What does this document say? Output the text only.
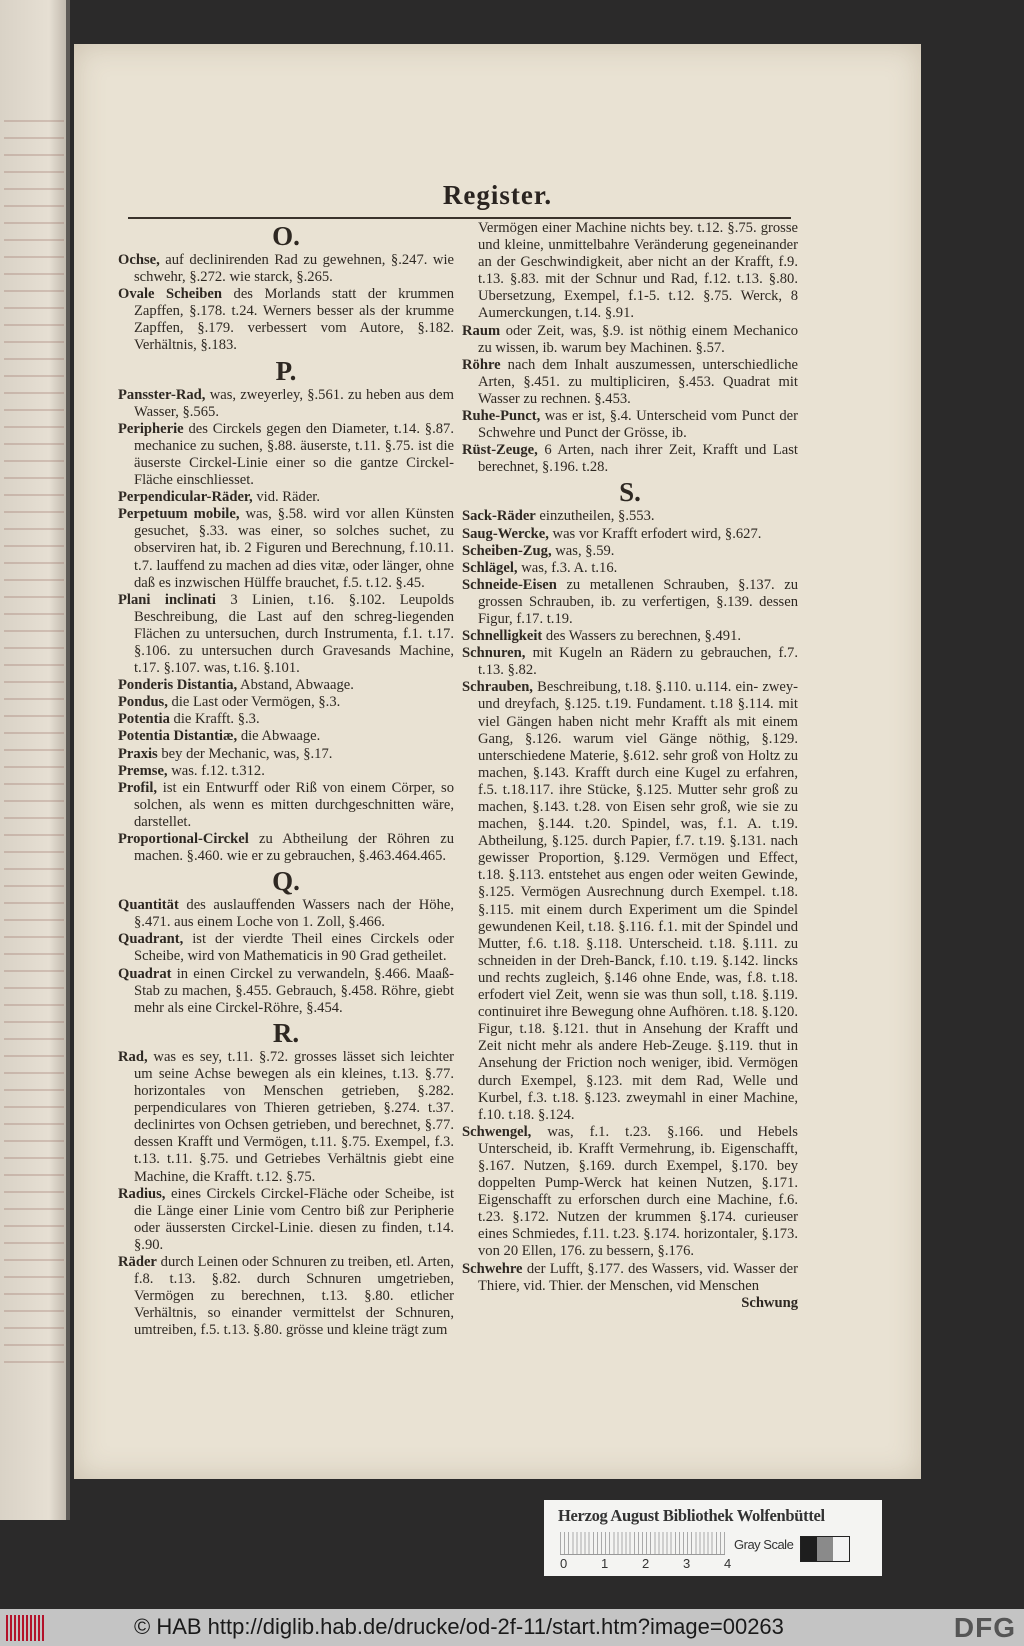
Register.
O.
Ochse, auf declinirenden Rad zu gewehnen, §.247. wie schwehr, §.272. wie starck, §.265.
Ovale Scheiben des Morlands statt der krummen Zapffen, §.178. t.24. Werners besser als der krumme Zapffen, §.179. verbessert vom Autore, §.182. Verhältnis, §.183.
P.
Pansster-Rad, was, zweyerley, §.561. zu heben aus dem Wasser, §.565.
Peripherie des Circkels gegen den Diameter, t.14. §.87. mechanice zu suchen, §.88. äuserste, t.11. §.75. ist die äuserste Circkel-Linie einer so die gantze Circkel-Fläche einschliesset.
Perpendicular-Räder, vid. Räder.
Perpetuum mobile, was, §.58. wird vor allen Künsten gesuchet, §.33. was einer, so solches suchet, zu observiren hat, ib. 2 Figuren und Berechnung, f.10.11. t.7. lauffend zu machen ad dies vitæ, oder länger, ohne daß es inzwischen Hülffe brauchet, f.5. t.12. §.45.
Plani inclinati 3 Linien, t.16. §.102. Leupolds Beschreibung, die Last auf den schreg-liegenden Flächen zu untersuchen, durch Instrumenta, f.1. t.17. §.106. zu untersuchen durch Gravesands Machine, t.17. §.107. was, t.16. §.101.
Ponderis Distantia, Abstand, Abwaage.
Pondus, die Last oder Vermögen, §.3.
Potentia die Krafft. §.3.
Potentia Distantiæ, die Abwaage.
Praxis bey der Mechanic, was, §.17.
Premse, was. f.12. t.312.
Profil, ist ein Entwurff oder Riß von einem Cörper, so solchen, als wenn es mitten durchgeschnitten wäre, darstellet.
Proportional-Circkel zu Abtheilung der Röhren zu machen. §.460. wie er zu gebrauchen, §.463.464.465.
Q.
Quantität des auslauffenden Wassers nach der Höhe, §.471. aus einem Loche von 1. Zoll, §.466.
Quadrant, ist der vierdte Theil eines Circkels oder Scheibe, wird von Mathematicis in 90 Grad getheilet.
Quadrat in einen Circkel zu verwandeln, §.466. Maaß-Stab zu machen, §.455. Gebrauch, §.458. Röhre, giebt mehr als eine Circkel-Röhre, §.454.
R.
Rad, was es sey, t.11. §.72. grosses lässet sich leichter um seine Achse bewegen als ein kleines, t.13. §.77. horizontales von Menschen getrieben, §.282. perpendiculares von Thieren getrieben, §.274. t.37. declinirtes von Ochsen getrieben, und berechnet, §.77. dessen Krafft und Vermögen, t.11. §.75. Exempel, f.3. t.13. t.11. §.75. und Getriebes Verhältnis giebt eine Machine, die Krafft. t.12. §.75.
Radius, eines Circkels Circkel-Fläche oder Scheibe, ist die Länge einer Linie vom Centro biß zur Peripherie oder äussersten Circkel-Linie. diesen zu finden, t.14. §.90.
Räder durch Leinen oder Schnuren zu treiben, etl. Arten, f.8. t.13. §.82. durch Schnuren umgetrieben, Vermögen zu berechnen, t.13. §.80. etlicher Verhältnis, so einander vermittelst der Schnuren, umtreiben, f.5. t.13. §.80. grösse und kleine trägt zum
Vermögen einer Machine nichts bey. t.12. §.75. grosse und kleine, unmittelbahre Veränderung gegeneinander an der Geschwindigkeit, aber nicht an der Krafft, f.9. t.13. §.83. mit der Schnur und Rad, f.12. t.13. §.80. Ubersetzung, Exempel, f.1-5. t.12. §.75. Werck, 8 Aumerckungen, t.14. §.91.
Raum oder Zeit, was, §.9. ist nöthig einem Mechanico zu wissen, ib. warum bey Machinen. §.57.
Röhre nach dem Inhalt auszumessen, unterschiedliche Arten, §.451. zu multipliciren, §.453. Quadrat mit Wasser zu rechnen. §.453.
Ruhe-Punct, was er ist, §.4. Unterscheid vom Punct der Schwehre und Punct der Grösse, ib.
Rüst-Zeuge, 6 Arten, nach ihrer Zeit, Krafft und Last berechnet, §.196. t.28.
S.
Sack-Räder einzutheilen, §.553.
Saug-Wercke, was vor Krafft erfodert wird, §.627.
Scheiben-Zug, was, §.59.
Schlägel, was, f.3. A. t.16.
Schneide-Eisen zu metallenen Schrauben, §.137. zu grossen Schrauben, ib. zu verfertigen, §.139. dessen Figur, f.17. t.19.
Schnelligkeit des Wassers zu berechnen, §.491.
Schnuren, mit Kugeln an Rädern zu gebrauchen, f.7. t.13. §.82.
Schrauben, Beschreibung, t.18. §.110. u.114. ein- zwey- und dreyfach, §.125. t.19. Fundament. t.18 §.114. mit viel Gängen haben nicht mehr Krafft als mit einem Gang, §.126. warum viel Gänge nöthig, §.129. unterschiedene Materie, §.612. sehr groß von Holtz zu machen, §.143. Krafft durch eine Kugel zu erfahren, f.5. t.18.117. ihre Stücke, §.125. Mutter sehr groß zu machen, §.143. t.28. von Eisen sehr groß, wie sie zu machen, §.144. t.20. Spindel, was, f.1. A. t.19. Abtheilung, §.125. durch Papier, f.7. t.19. §.131. nach gewisser Proportion, §.129. Vermögen und Effect, t.18. §.113. entstehet aus engen oder weiten Gewinde, §.125. Vermögen Ausrechnung durch Exempel. t.18. §.115. mit einem durch Experiment um die Spindel gewundenen Keil, t.18. §.116. f.1. mit der Spindel und Mutter, f.6. t.18. §.118. Unterscheid. t.18. §.111. zu schneiden in der Dreh-Banck, f.10. t.19. §.142. lincks und rechts zugleich, §.146 ohne Ende, was, f.8. t.18. erfodert viel Zeit, wenn sie was thun soll, t.18. §.119. continuiret ihre Bewegung ohne Aufhören. t.18. §.120. Figur, t.18. §.121. thut in Ansehung der Krafft und Zeit nicht mehr als andere Heb-Zeuge. §.119. thut in Ansehung der Friction noch weniger, ibid. Vermögen durch Exempel, §.123. mit dem Rad, Welle und Kurbel, f.3. t.18. §.123. zweymahl in einer Machine, f.10. t.18. §.124.
Schwengel, was, f.1. t.23. §.166. und Hebels Unterscheid, ib. Krafft Vermehrung, ib. Eigenschafft, §.167. Nutzen, §.169. durch Exempel, §.170. bey doppelten Pump-Werck hat keinen Nutzen, §.171. Eigenschafft zu erforschen durch eine Machine, f.6. t.23. §.172. Nutzen der krummen §.174. curieuser eines Schmiedes, f.11. t.23. §.174. horizontaler, §.173. von 20 Ellen, 176. zu bessern, §.176.
Schwehre der Lufft, §.177. des Wassers, vid. Wasser der Thiere, vid. Thier. der Menschen, vid Menschen
Schwung
Herzog August Bibliothek Wolfenbüttel
0	1	2	3	4
Gray Scale
© HAB http://diglib.hab.de/drucke/od-2f-11/start.htm?image=00263	DFG
